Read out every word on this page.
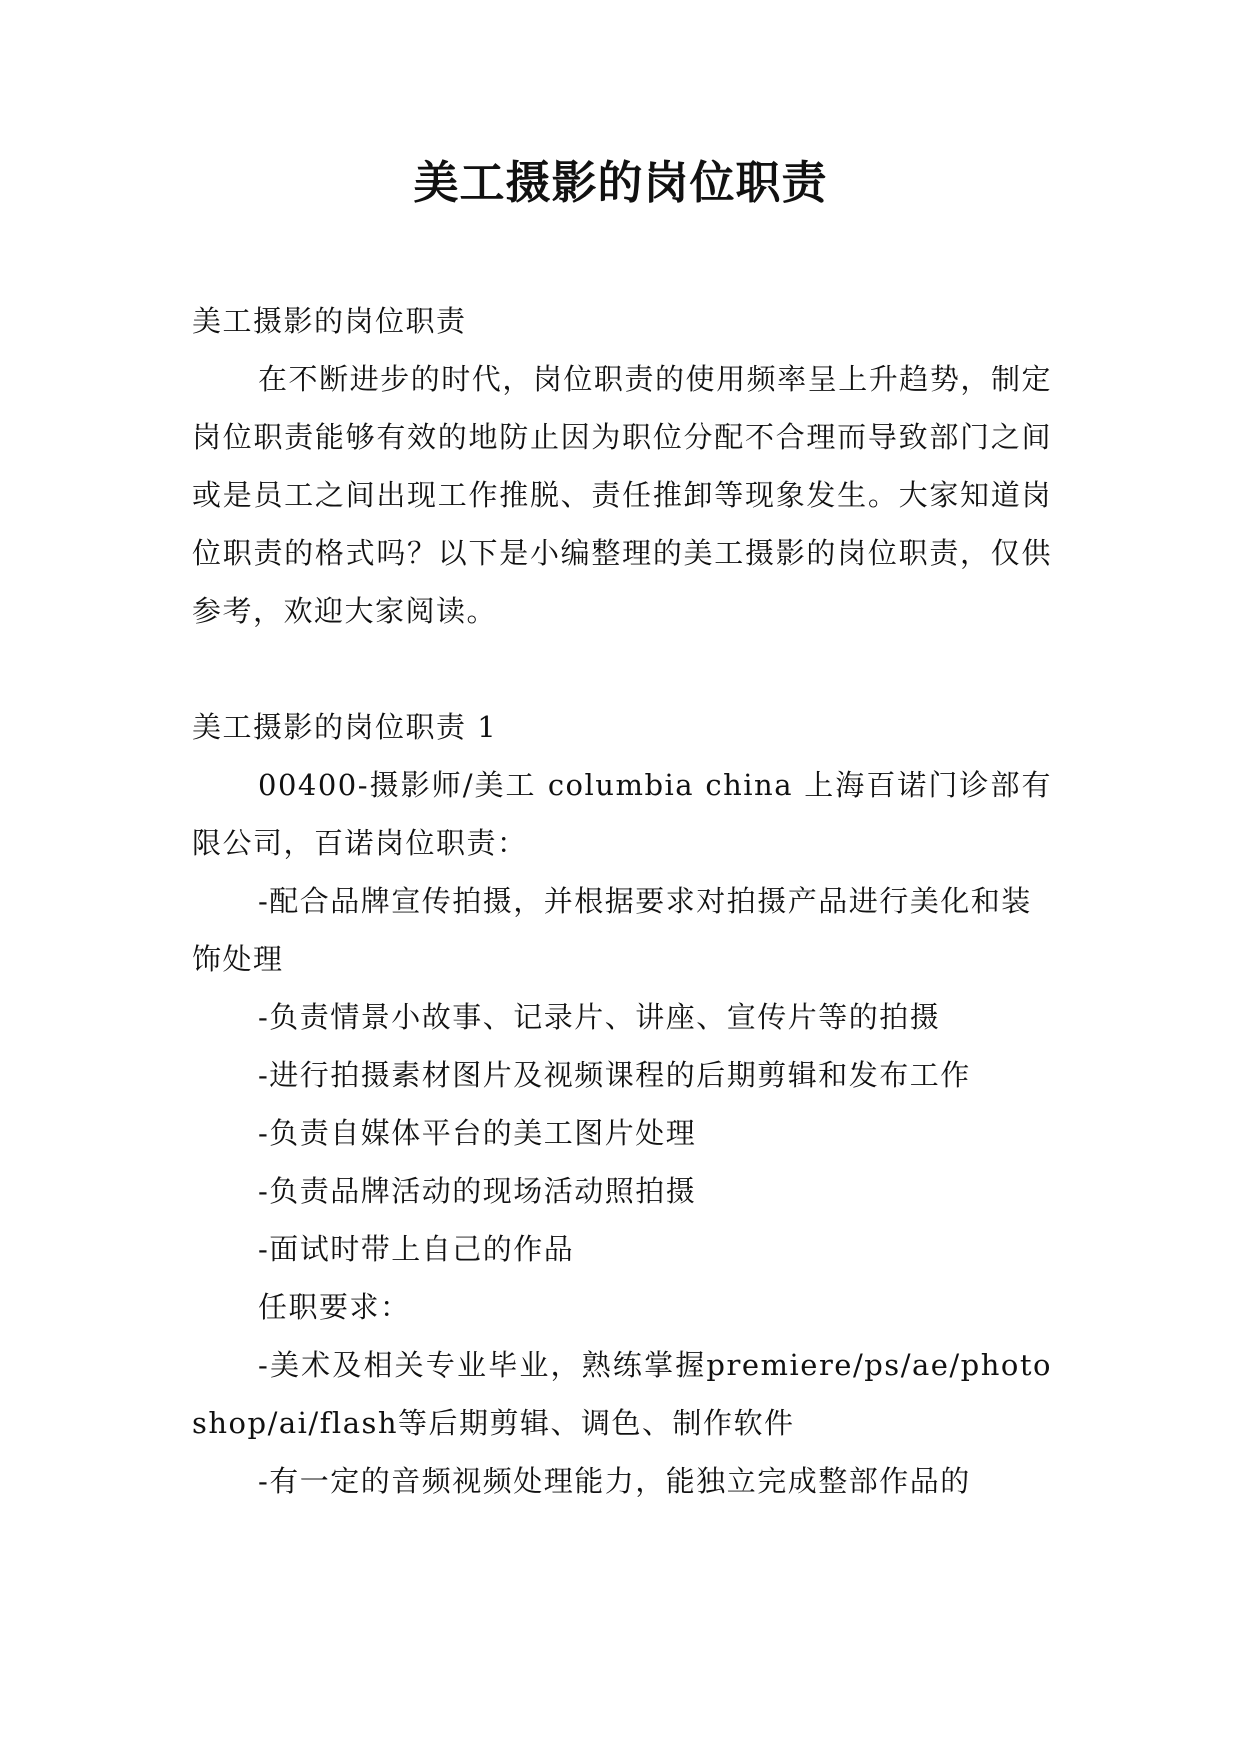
美工摄影的岗位职责

美工摄影的岗位职责

在不断进步的时代，岗位职责的使用频率呈上升趋势，制定岗位职责能够有效的地防止因为职位分配不合理而导致部门之间或是员工之间出现工作推脱、责任推卸等现象发生。大家知道岗位职责的格式吗？以下是小编整理的美工摄影的岗位职责，仅供参考，欢迎大家阅读。

美工摄影的岗位职责 1

00400-摄影师/美工 columbia china 上海百诺门诊部有限公司，百诺岗位职责：

-配合品牌宣传拍摄，并根据要求对拍摄产品进行美化和装饰处理

-负责情景小故事、记录片、讲座、宣传片等的拍摄

-进行拍摄素材图片及视频课程的后期剪辑和发布工作

-负责自媒体平台的美工图片处理

-负责品牌活动的现场活动照拍摄

-面试时带上自己的作品

任职要求：

-美术及相关专业毕业，熟练掌握premiere/ps/ae/photoshop/ai/flash等后期剪辑、调色、制作软件

-有一定的音频视频处理能力，能独立完成整部作品的
